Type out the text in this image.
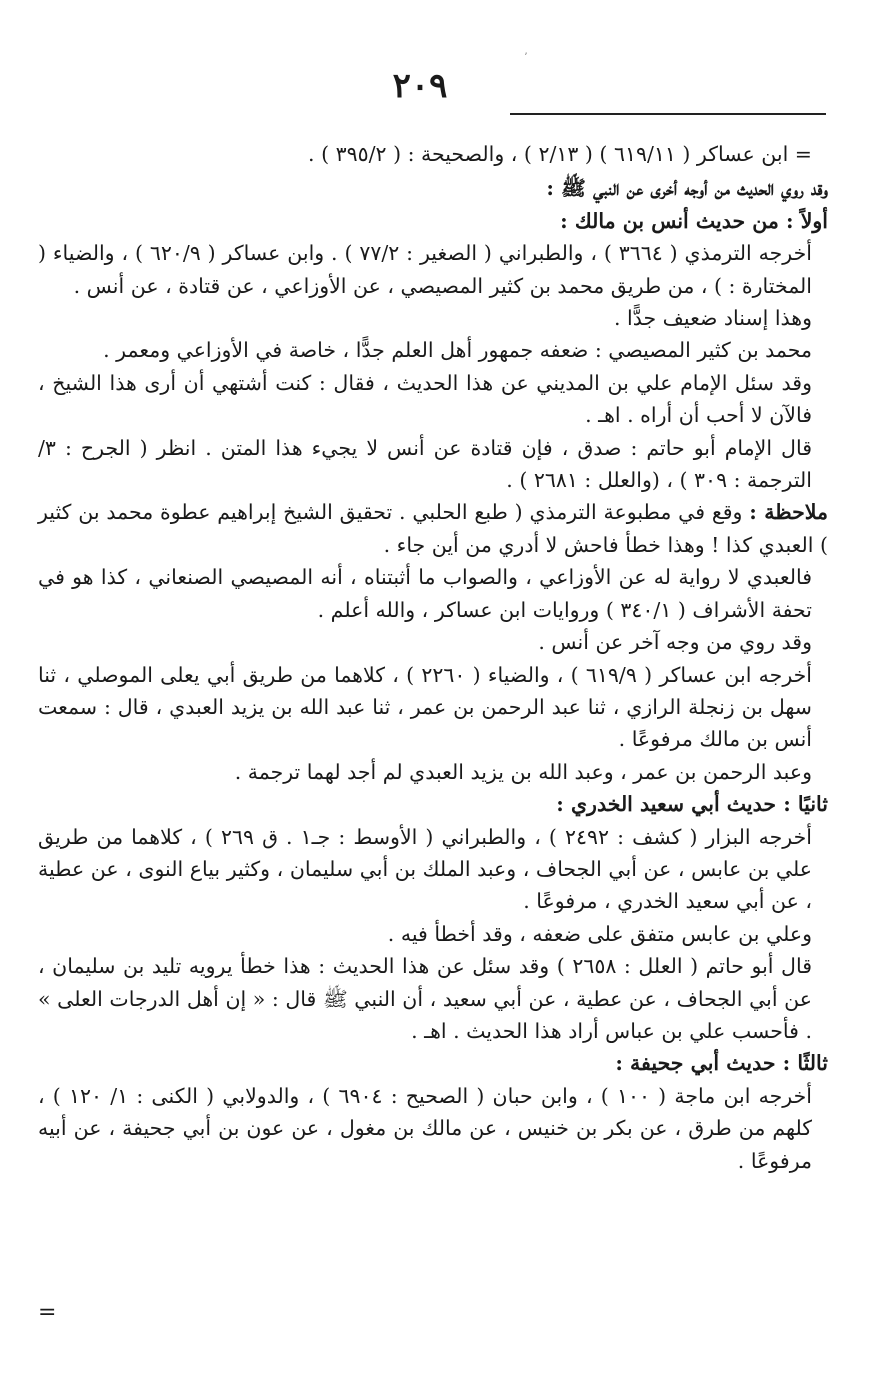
ʼ
٢٠٩

= ابن عساكر ( ٦١٩/١١ ) ( ٢/١٣ ) ، والصحيحة : ( ٣٩٥/٢ ) .

وقد روي الحديث من أوجه أخرى عن النبي ﷺ :

أولاً : من حديث أنس بن مالك :

أخرجه الترمذي ( ٣٦٦٤ ) ، والطبراني ( الصغير : ٧٧/٢ ) . وابن عساكر ( ٦٢٠/٩ ) ، والضياء ( المختارة : ) ، من طريق محمد بن كثير المصيصي ، عن الأوزاعي ، عن قتادة ، عن أنس .

وهذا إسناد ضعيف جدًّا .

محمد بن كثير المصيصي : ضعفه جمهور أهل العلم جدًّا ، خاصة في الأوزاعي ومعمر .

وقد سئل الإمام علي بن المديني عن هذا الحديث ، فقال : كنت أشتهي أن أرى هذا الشيخ ، فالآن لا أحب أن أراه . اهـ .

قال الإمام أبو حاتم : صدق ، فإن قتادة عن أنس لا يجيء هذا المتن . انظر ( الجرح : ٣/ الترجمة : ٣٠٩ ) ، (والعلل : ٢٦٨١ ) .

ملاحظة : وقع في مطبوعة الترمذي ( طبع الحلبي . تحقيق الشيخ إبراهيم عطوة محمد بن كثير ) العبدي كذا ! وهذا خطأ فاحش لا أدري من أين جاء .

فالعبدي لا رواية له عن الأوزاعي ، والصواب ما أثبتناه ، أنه المصيصي الصنعاني ، كذا هو في تحفة الأشراف ( ٣٤٠/١ ) وروايات ابن عساكر ، والله أعلم .

وقد روي من وجه آخر عن أنس .

أخرجه ابن عساكر ( ٦١٩/٩ ) ، والضياء ( ٢٢٦٠ ) ، كلاهما من طريق أبي يعلى الموصلي ، ثنا سهل بن زنجلة الرازي ، ثنا عبد الرحمن بن عمر ، ثنا عبد الله بن يزيد العبدي ، قال : سمعت أنس بن مالك مرفوعًا .

وعبد الرحمن بن عمر ، وعبد الله بن يزيد العبدي لم أجد لهما ترجمة .

ثانيًا : حديث أبي سعيد الخدري :

أخرجه البزار ( كشف : ٢٤٩٢ ) ، والطبراني ( الأوسط : جـ١ . ق ٢٦٩ ) ، كلاهما من طريق علي بن عابس ، عن أبي الجحاف ، وعبد الملك بن أبي سليمان ، وكثير بياع النوى ، عن عطية ، عن أبي سعيد الخدري ، مرفوعًا .

وعلي بن عابس متفق على ضعفه ، وقد أخطأ فيه .

قال أبو حاتم ( العلل : ٢٦٥٨ ) وقد سئل عن هذا الحديث : هذا خطأ يرويه تليد بن سليمان ، عن أبي الجحاف ، عن عطية ، عن أبي سعيد ، أن النبي ﷺ قال : « إن أهل الدرجات العلى » . فأحسب علي بن عباس أراد هذا الحديث . اهـ .

ثالثًا : حديث أبي جحيفة :

أخرجه ابن ماجة ( ١٠٠ ) ، وابن حبان ( الصحيح : ٦٩٠٤ ) ، والدولابي ( الكنى : ١/ ١٢٠ ) ، كلهم من طرق ، عن بكر بن خنيس ، عن مالك بن مغول ، عن عون بن أبي جحيفة ، عن أبيه مرفوعًا .

=
